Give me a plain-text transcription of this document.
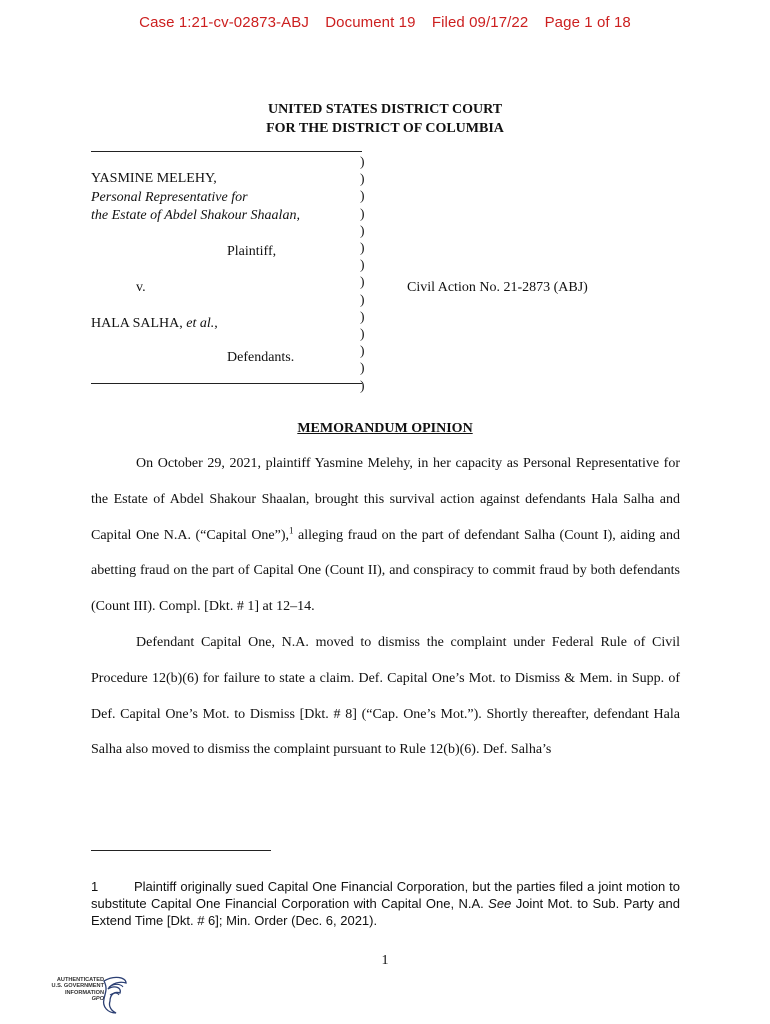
Case 1:21-cv-02873-ABJ Document 19 Filed 09/17/22 Page 1 of 18
UNITED STATES DISTRICT COURT
FOR THE DISTRICT OF COLUMBIA
)
)
)
)
)
)
)
)
)
)
)
)
)
)
YASMINE MELEHY,
Personal Representative for
the Estate of Abdel Shakour Shaalan,
Plaintiff,
v.	Civil Action No. 21-2873 (ABJ)
HALA SALHA, et al.,
Defendants.
MEMORANDUM OPINION

On October 29, 2021, plaintiff Yasmine Melehy, in her capacity as Personal Representative for the Estate of Abdel Shakour Shaalan, brought this survival action against defendants Hala Salha and Capital One N.A. (“Capital One”),$^1$ alleging fraud on the part of defendant Salha (Count I), aiding and abetting fraud on the part of Capital One (Count II), and conspiracy to commit fraud by both defendants (Count III). Compl. [Dkt. # 1] at 12–14.

Defendant Capital One, N.A. moved to dismiss the complaint under Federal Rule of Civil Procedure 12(b)(6) for failure to state a claim. Def. Capital One’s Mot. to Dismiss & Mem. in Supp. of Def. Capital One’s Mot. to Dismiss [Dkt. # 8] (“Cap. One’s Mot.”). Shortly thereafter, defendant Hala Salha also moved to dismiss the complaint pursuant to Rule 12(b)(6). Def. Salha’s

1	Plaintiff originally sued Capital One Financial Corporation, but the parties filed a joint motion to substitute Capital One Financial Corporation with Capital One, N.A. See Joint Mot. to Sub. Party and Extend Time [Dkt. # 6]; Min. Order (Dec. 6, 2021).
1
AUTHENTICATED
U.S. GOVERNMENT
INFORMATION
GPO
